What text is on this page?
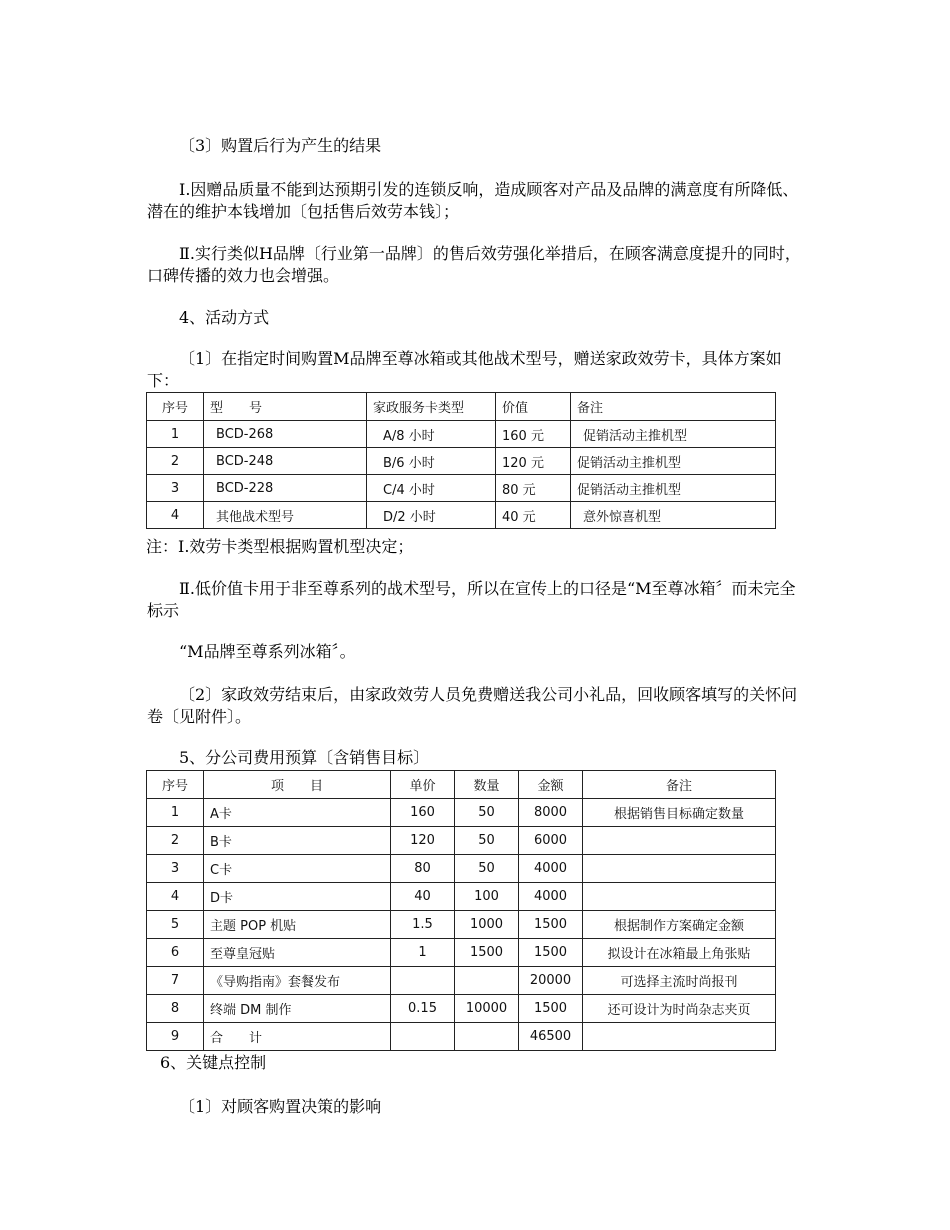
〔3〕购置后行为产生的结果

Ⅰ.因赠品质量不能到达预期引发的连锁反响，造成顾客对产品及品牌的满意度有所降低、潜在的维护本钱增加〔包括售后效劳本钱〕；

Ⅱ.实行类似H品牌〔行业第一品牌〕的售后效劳强化举措后，在顾客满意度提升的同时，口碑传播的效力也会增强。

4、活动方式

〔1〕在指定时间购置M品牌至尊冰箱或其他战术型号，赠送家政效劳卡，具体方案如下：

序号	型　　号	家政服务卡类型	价值	备注
1	BCD-268	A/8 小时	160 元	促销活动主推机型
2	BCD-248	B/6 小时	120 元	促销活动主推机型
3	BCD-228	C/4 小时	80 元	促销活动主推机型
4	其他战术型号	D/2 小时	40 元	意外惊喜机型

注：Ⅰ.效劳卡类型根据购置机型决定；

Ⅱ.低价值卡用于非至尊系列的战术型号，所以在宣传上的口径是“M至尊冰箱〞而未完全标示

“M品牌至尊系列冰箱〞。

〔2〕家政效劳结束后，由家政效劳人员免费赠送我公司小礼品，回收顾客填写的关怀问卷〔见附件〕。

5、分公司费用预算〔含销售目标〕

序号	项　　目	单价	数量	金额	备注
1	A卡	160	50	8000	根据销售目标确定数量
2	B卡	120	50	6000	
3	C卡	80	50	4000	
4	D卡	40	100	4000	
5	主题 POP 机贴	1.5	1000	1500	根据制作方案确定金额
6	至尊皇冠贴	1	1500	1500	拟设计在冰箱最上角张贴
7	《导购指南》套餐发布			20000	可选择主流时尚报刊
8	终端 DM 制作	0.15	10000	1500	还可设计为时尚杂志夹页
9	合　　计			46500	

6、关键点控制

〔1〕对顾客购置决策的影响
